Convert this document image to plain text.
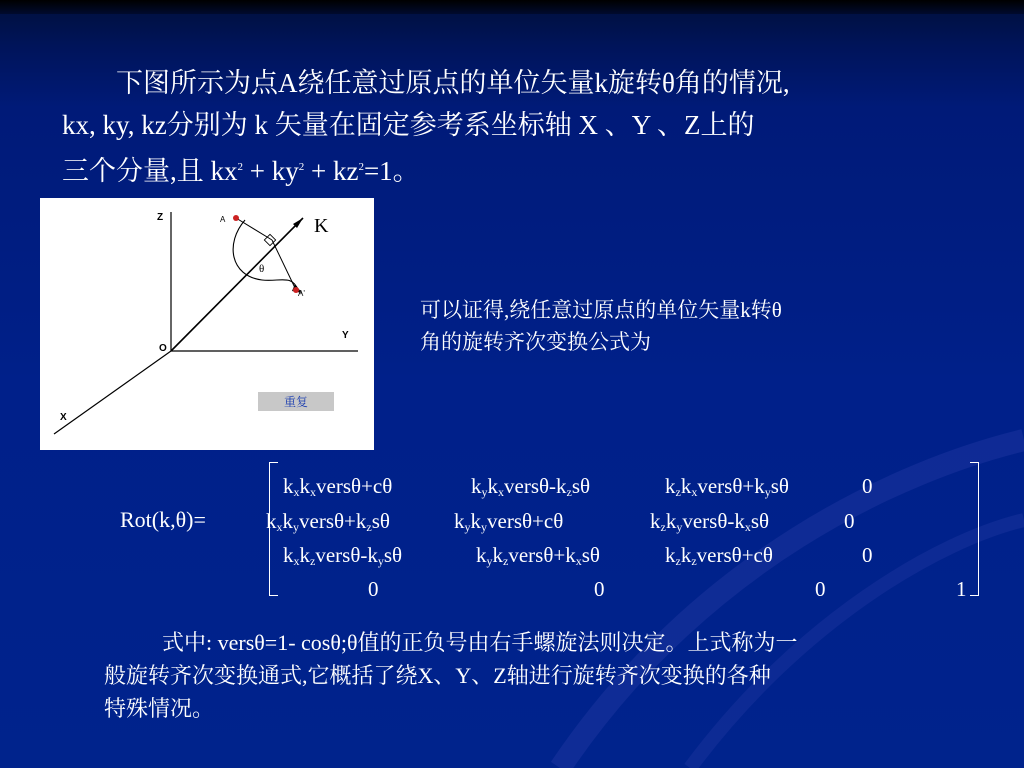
下图所示为点A绕任意过原点的单位矢量k旋转θ角的情况,

kx, ky, kz分别为 k 矢量在固定参考系坐标轴 X 、Y 、Z上的

三个分量,且 $kx^2 + ky^2 + kz^2=1$。

Z
Y
X
O
A
A'
K
θ
重复

可以证得,绕任意过原点的单位矢量k转θ

角的旋转齐次变换公式为

Rot(k,θ)=
$k_xk_xvers\theta+c\theta$	$k_yk_xvers\theta-k_zs\theta$	$k_zk_xvers\theta+k_ys\theta$	0
$k_xk_yvers\theta+k_zs\theta$	$k_yk_yvers\theta+c\theta$	$k_zk_yvers\theta-k_xs\theta$	0
$k_xk_zvers\theta-k_ys\theta$	$k_yk_zvers\theta+k_xs\theta$	$k_zk_zvers\theta+c\theta$	0
0	0	0	1

式中: versθ=1- cosθ;θ值的正负号由右手螺旋法则决定。上式称为一

般旋转齐次变换通式,它概括了绕X、Y、Z轴进行旋转齐次变换的各种

特殊情况。
